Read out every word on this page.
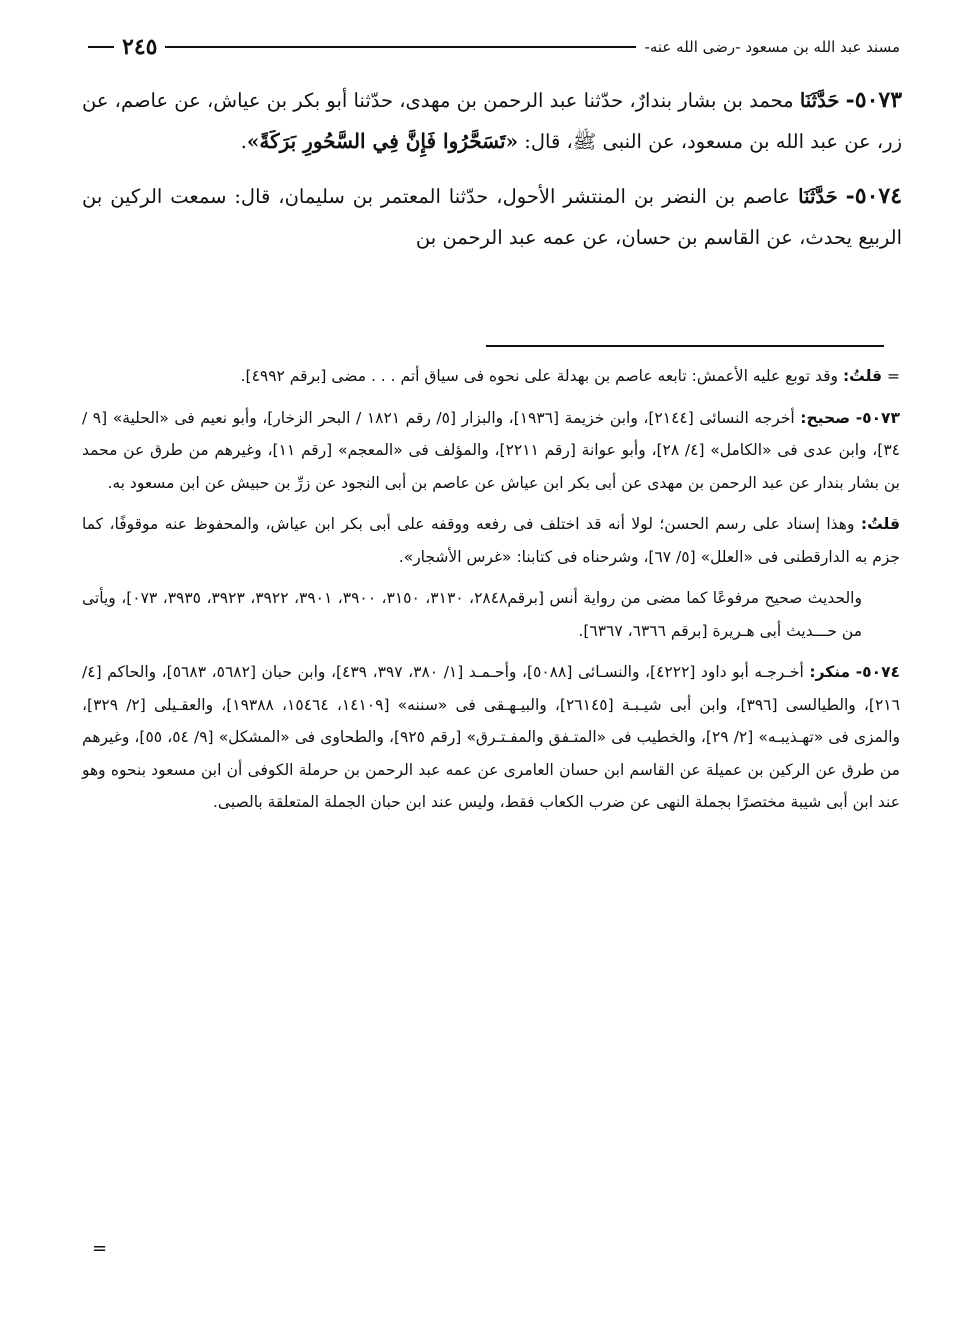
مسند عبد الله بن مسعود -رضى الله عنه-
٢٤٥

٥٠٧٣- حَدَّثَنَا محمد بن بشار بندارٌ، حدّثنا عبد الرحمن بن مهدى، حدّثنا أبو بكر بن عياش، عن عاصم، عن زر، عن عبد الله بن مسعود، عن النبى ﷺ، قال: «تَسَحَّرُوا فَإِنَّ فِي السَّحُورِ بَرَكَةً».

٥٠٧٤- حَدَّثَنَا عاصم بن النضر بن المنتشر الأحول، حدّثنا المعتمر بن سليمان، قال: سمعت الركين بن الربيع يحدث، عن القاسم بن حسان، عن عمه عبد الرحمن بن

= قلتُ: وقد توبع عليه الأعمش: تابعه عاصم بن بهدلة على نحوه فى سياق أتم . . . مضى [برقم ٤٩٩٢].

٥٠٧٣- صحيح: أخرجه النسائى [٢١٤٤]، وابن خزيمة [١٩٣٦]، والبزار [٥/ رقم ١٨٢١ / البحر الزخار]، وأبو نعيم فى «الحلية» [٩ / ٣٤]، وابن عدى فى «الكامل» [٤/ ٢٨]، وأبو عوانة [رقم ٢٢١١]، والمؤلف فى «المعجم» [رقم ١١]، وغيرهم من طرق عن محمد بن بشار بندار عن عبد الرحمن بن مهدى عن أبى بكر ابن عياش عن عاصم بن أبى النجود عن زرِّ بن حبيش عن ابن مسعود به.

قلتُ: وهذا إسناد على رسم الحسن؛ لولا أنه قد اختلف فى رفعه ووقفه على أبى بكر ابن عياش، والمحفوظ عنه موقوفًا، كما جزم به الدارقطنى فى «العلل» [٥/ ٦٧]، وشرحناه فى كتابنا: «غرس الأشجار».

والحديث صحيح مرفوعًا كما مضى من رواية أنس [برقم٢٨٤٨، ٣١٣٠، ٣١٥٠، ٣٩٠٠، ٣٩٠١، ٣٩٢٢، ٣٩٢٣، ٣٩٣٥، ٠٧٣]، ويأتى من حـــديث أبى هـريرة [برقم ٦٣٦٦، ٦٣٦٧].

٥٠٧٤- منكر: أخـرجـه أبو داود [٤٢٢٢]، والنسـائى [٥٠٨٨]، وأحـمـد [١/ ٣٨٠، ٣٩٧، ٤٣٩]، وابن حبان [٥٦٨٢، ٥٦٨٣]، والحاكم [٤/ ٢١٦]، والطيالسى [٣٩٦]، وابن أبى شيـبـة [٢٦١٤٥]، والبيـهـقى فى «سننه» [١٤١٠٩، ١٥٤٦٤، ١٩٣٨٨]، والعقـيلى [٢/ ٣٢٩]، والمزى فى «تهـذيبـه» [٢/ ٢٩]، والخطيب فى «المتـفق والمفـتـرق» [رقم ٩٢٥]، والطحاوى فى «المشكل» [٩/ ٥٤، ٥٥]، وغيرهم من طرق عن الركين بن عميلة عن القاسم ابن حسان العامرى عن عمه عبد الرحمن بن حرملة الكوفى أن ابن مسعود بنحوه وهو عند ابن أبى شيبة مختصرًا بجملة النهى عن ضرب الكعاب فقط، وليس عند ابن حبان الجملة المتعلقة بالصبى.

=
